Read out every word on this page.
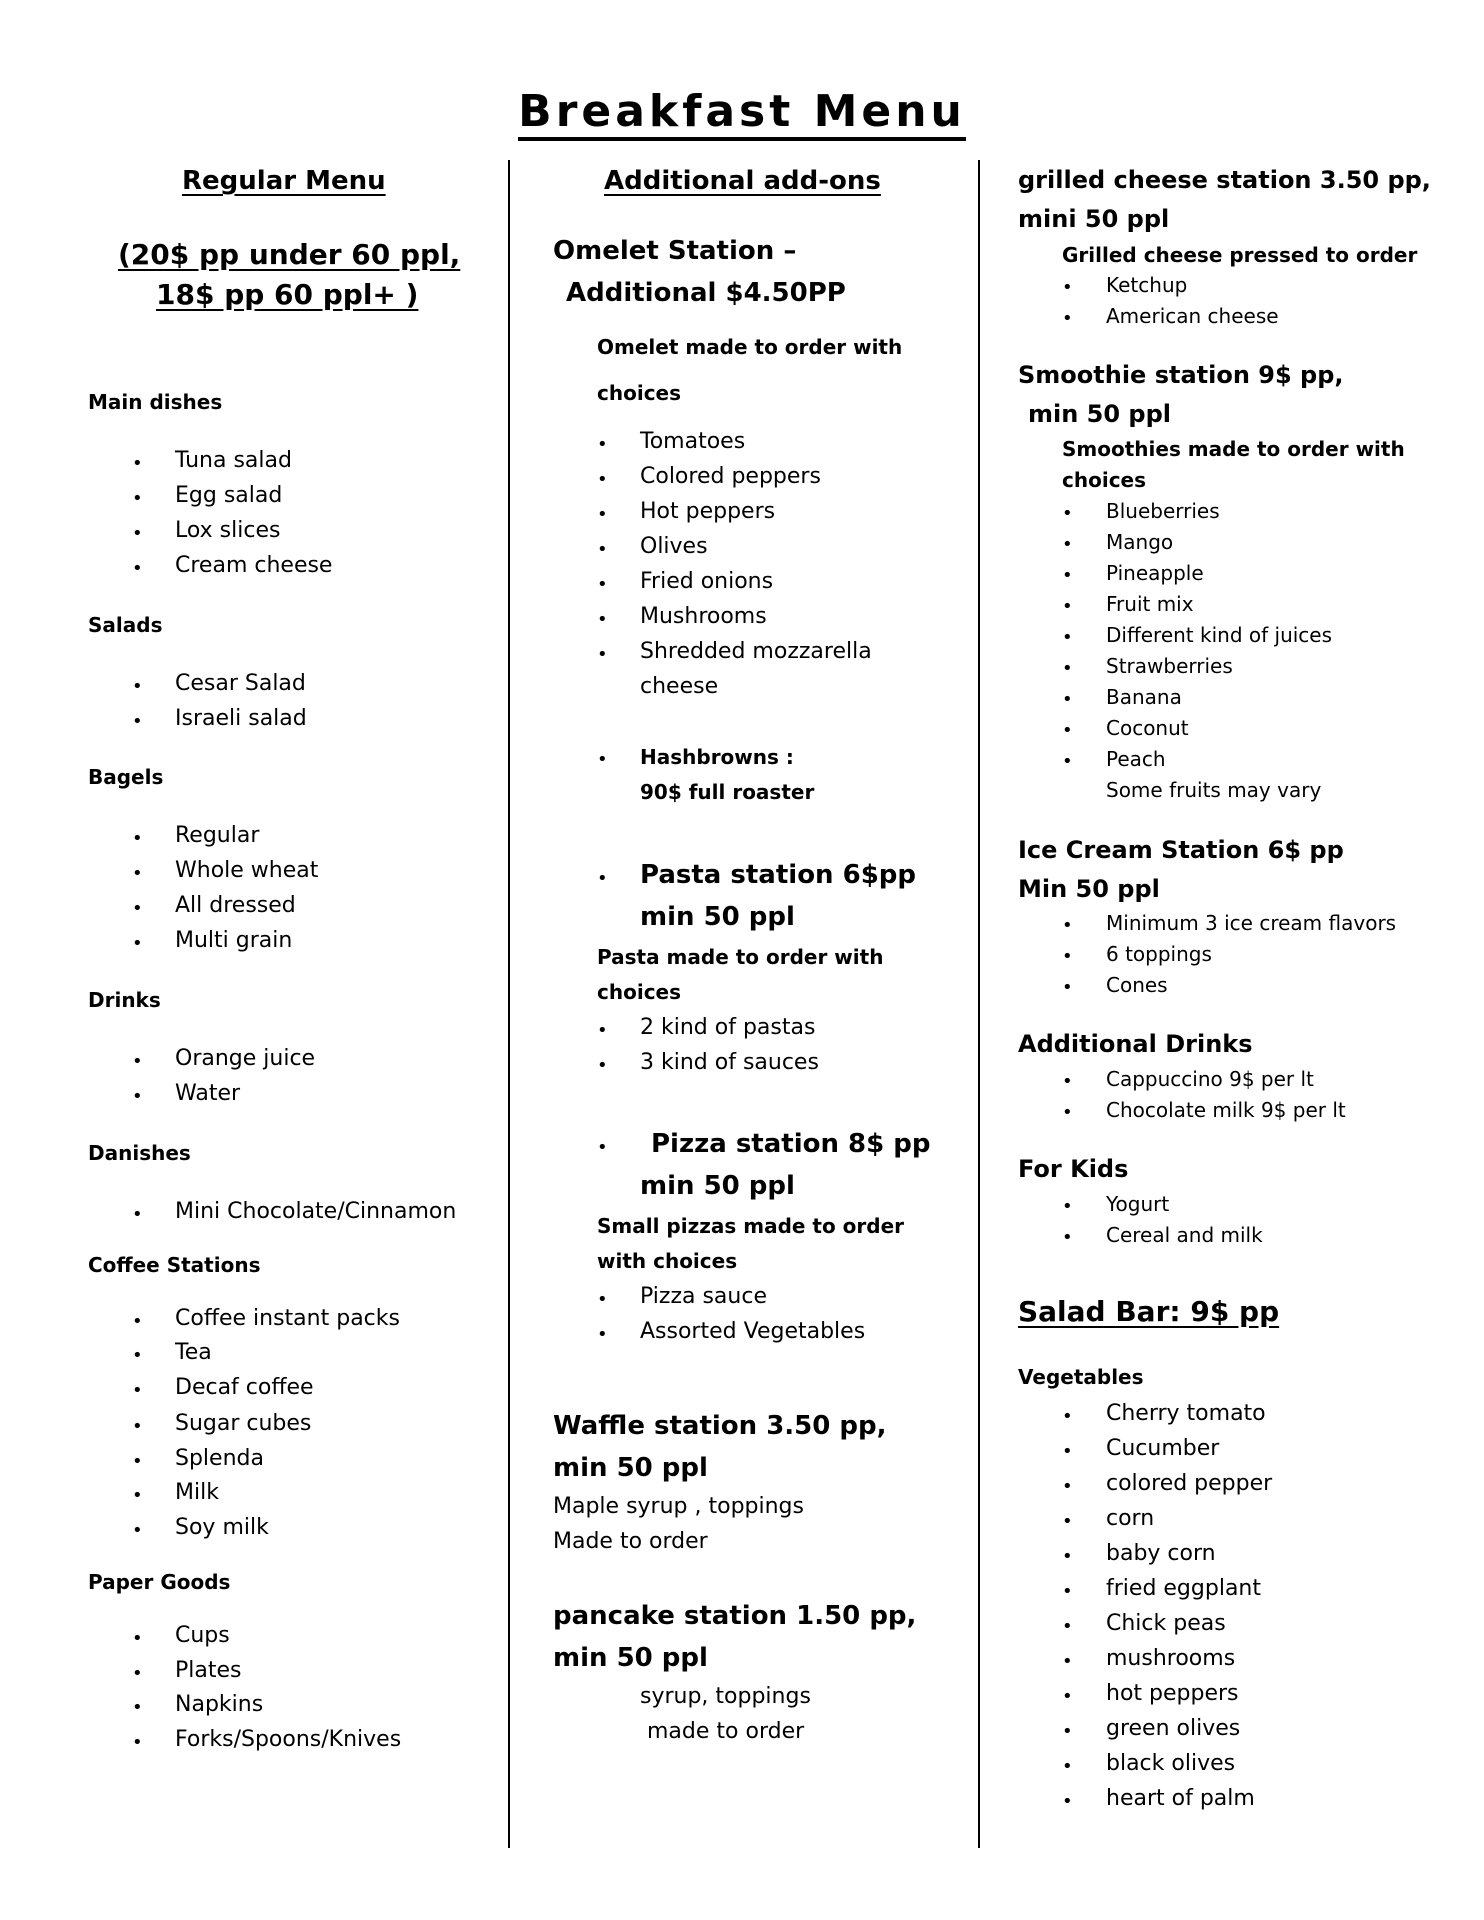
Breakfast Menu
Regular Menu
(20$ pp under 60 ppl,
18$ pp 60 ppl+ )
Main dishes
• Tuna salad
• Egg salad
• Lox slices
• Cream cheese
Salads
• Cesar Salad
• Israeli salad
Bagels
• Regular
• Whole wheat
• All dressed
• Multi grain
Drinks
• Orange juice
• Water
Danishes
• Mini Chocolate/Cinnamon
Coffee Stations
• Coffee instant packs
• Tea
• Decaf coffee
• Sugar cubes
• Splenda
• Milk
• Soy milk
Paper Goods
• Cups
• Plates
• Napkins
• Forks/Spoons/Knives
Additional add-ons
Omelet Station –
Additional $4.50PP
Omelet made to order with
choices
• Tomatoes
• Colored peppers
• Hot peppers
• Olives
• Fried onions
• Mushrooms
• Shredded mozzarella
cheese
• Hashbrowns :
90$ full roaster
• Pasta station 6$pp
min 50 ppl
Pasta made to order with
choices
• 2 kind of pastas
• 3 kind of sauces
• Pizza station 8$ pp
min 50 ppl
Small pizzas made to order
with choices
• Pizza sauce
• Assorted Vegetables
Waffle station 3.50 pp,
min 50 ppl
Maple syrup , toppings
Made to order
pancake station 1.50 pp,
min 50 ppl
syrup, toppings
made to order
grilled cheese station 3.50 pp,
mini 50 ppl
Grilled cheese pressed to order
• Ketchup
• American cheese
Smoothie station 9$ pp,
min 50 ppl
Smoothies made to order with
choices
• Blueberries
• Mango
• Pineapple
• Fruit mix
• Different kind of juices
• Strawberries
• Banana
• Coconut
• Peach
Some fruits may vary
Ice Cream Station 6$ pp
Min 50 ppl
• Minimum 3 ice cream flavors
• 6 toppings
• Cones
Additional Drinks
• Cappuccino 9$ per lt
• Chocolate milk 9$ per lt
For Kids
• Yogurt
• Cereal and milk
Salad Bar: 9$ pp
Vegetables
• Cherry tomato
• Cucumber
• colored pepper
• corn
• baby corn
• fried eggplant
• Chick peas
• mushrooms
• hot peppers
• green olives
• black olives
• heart of palm
